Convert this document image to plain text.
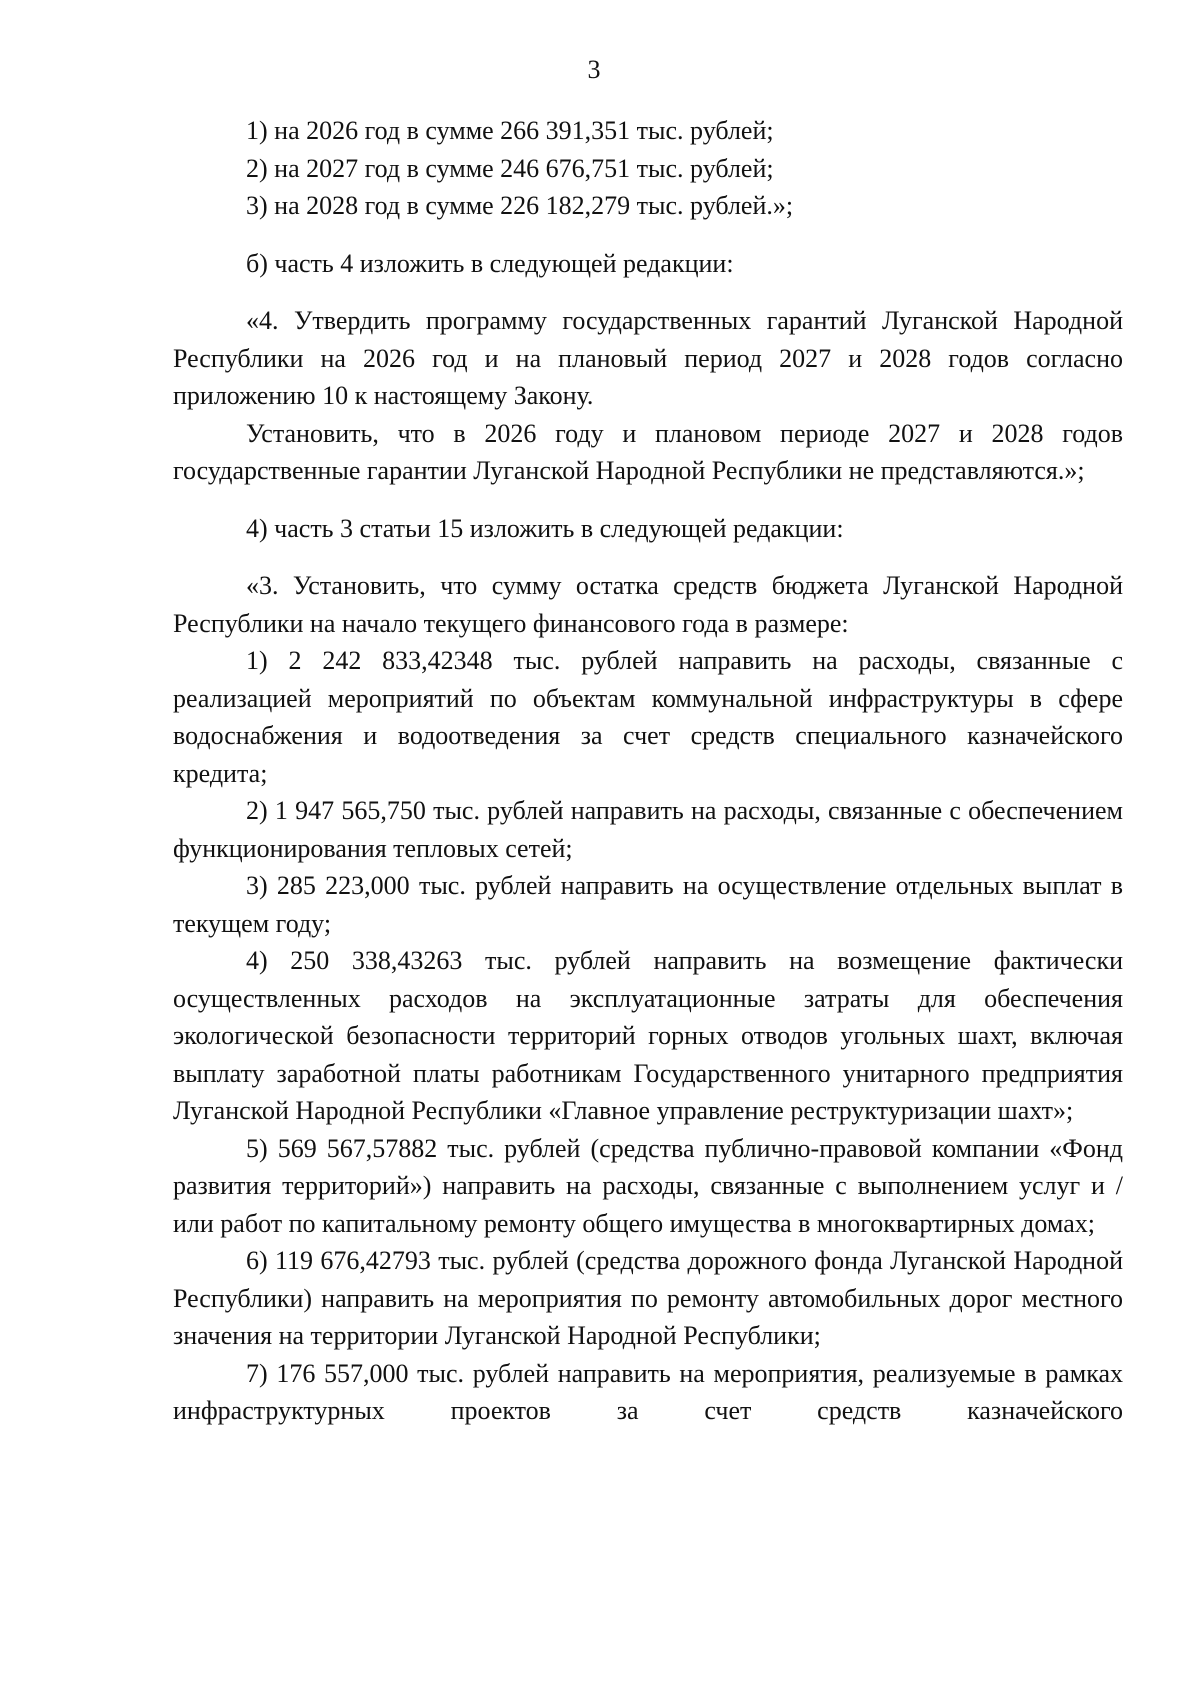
3

1) на 2026 год в сумме 266 391,351 тыс. рублей;

2) на 2027 год в сумме 246 676,751 тыс. рублей;

3) на 2028 год в сумме 226 182,279 тыс. рублей.»;

б) часть 4 изложить в следующей редакции:

«4. Утвердить программу государственных гарантий Луганской Народной Республики на 2026 год и на плановый период 2027 и 2028 годов согласно приложению 10 к настоящему Закону.

Установить, что в 2026 году и плановом периоде 2027 и 2028 годов государственные гарантии Луганской Народной Республики не представляются.»;

4) часть 3 статьи 15 изложить в следующей редакции:

«3. Установить, что сумму остатка средств бюджета Луганской Народной Республики на начало текущего финансового года в размере:

1) 2 242 833,42348 тыс. рублей направить на расходы, связанные с реализацией мероприятий по объектам коммунальной инфраструктуры в сфере водоснабжения и водоотведения за счет средств специального казначейского кредита;

2) 1 947 565,750 тыс. рублей направить на расходы, связанные с обеспечением функционирования тепловых сетей;

3) 285 223,000 тыс. рублей направить на осуществление отдельных выплат в текущем году;

4) 250 338,43263 тыс. рублей направить на возмещение фактически осуществленных расходов на эксплуатационные затраты для обеспечения экологической безопасности территорий горных отводов угольных шахт, включая выплату заработной платы работникам Государственного унитарного предприятия Луганской Народной Республики «Главное управление реструктуризации шахт»;

5) 569 567,57882 тыс. рублей (средства публично-правовой компании «Фонд развития территорий») направить на расходы, связанные с выполнением услуг и / или работ по капитальному ремонту общего имущества в многоквартирных домах;

6) 119 676,42793 тыс. рублей (средства дорожного фонда Луганской Народной Республики) направить на мероприятия по ремонту автомобильных дорог местного значения на территории Луганской Народной Республики;

7) 176 557,000 тыс. рублей направить на мероприятия, реализуемые в рамках инфраструктурных проектов за счет средств казначейского
